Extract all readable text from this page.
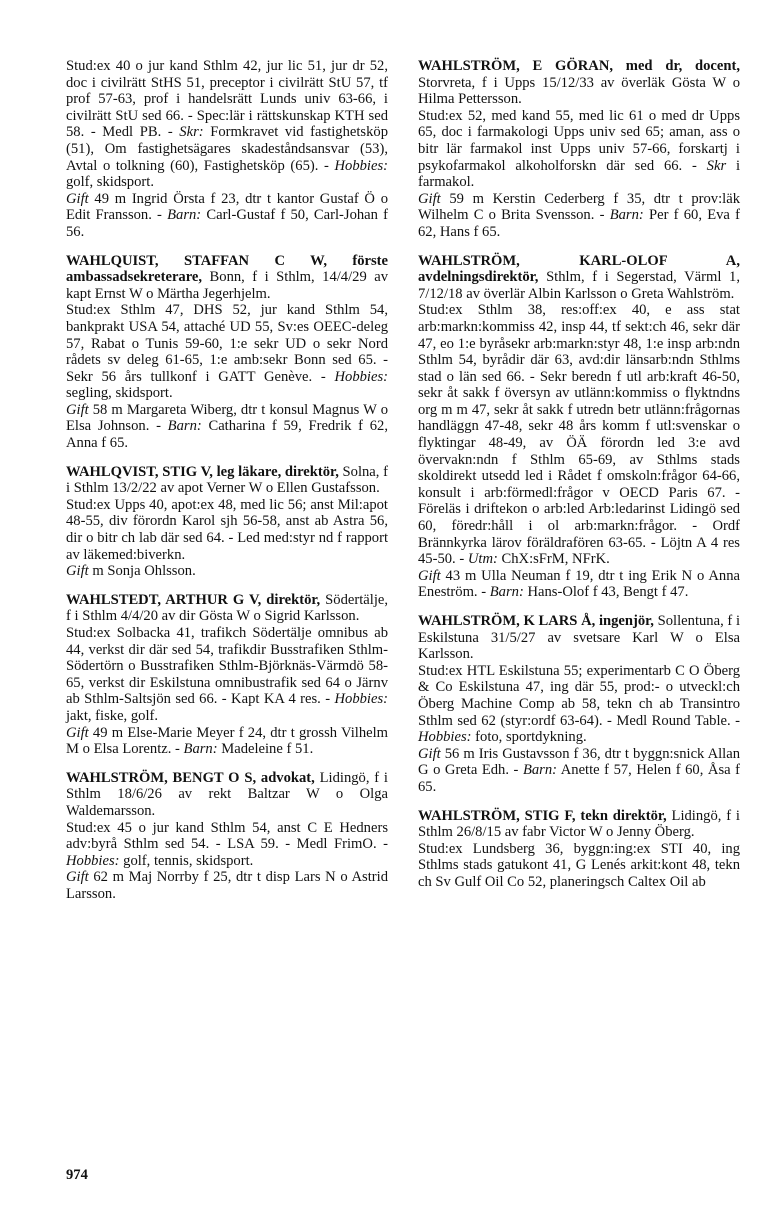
Stud:ex 40 o jur kand Sthlm 42, jur lic 51, jur dr 52, doc i civilrätt StHS 51, preceptor i civilrätt StU 57, tf prof 57-63, prof i handelsrätt Lunds univ 63-66, i civilrätt StU sed 66. - Spec:lär i rättskunskap KTH sed 58. - Medl PB. - Skr: Formkravet vid fastighetsköp (51), Om fastighetsägares skadeståndsansvar (53), Avtal o tolkning (60), Fastighetsköp (65). - Hobbies: golf, skidsport.

Gift 49 m Ingrid Örsta f 23, dtr t kantor Gustaf Ö o Edit Fransson. - Barn: Carl-Gustaf f 50, Carl-Johan f 56.

WAHLQUIST, STAFFAN C W, förste ambassadsekreterare, Bonn, f i Sthlm, 14/4/29 av kapt Ernst W o Märtha Jegerhjelm.
Stud:ex Sthlm 47, DHS 52, jur kand Sthlm 54, bankprakt USA 54, attaché UD 55, Sv:es OEEC-deleg 57, Rabat o Tunis 59-60, 1:e sekr UD o sekr Nord rådets sv deleg 61-65, 1:e amb:sekr Bonn sed 65. - Sekr 56 års tullkonf i GATT Genève. - Hobbies: segling, skidsport.

Gift 58 m Margareta Wiberg, dtr t konsul Magnus W o Elsa Johnson. - Barn: Catharina f 59, Fredrik f 62, Anna f 65.

WAHLQVIST, STIG V, leg läkare, direktör, Solna, f i Sthlm 13/2/22 av apot Verner W o Ellen Gustafsson.
Stud:ex Upps 40, apot:ex 48, med lic 56; anst Mil:apot 48-55, div förordn Karol sjh 56-58, anst ab Astra 56, dir o bitr ch lab där sed 64. - Led med:styr nd f rapport av läkemed:biverkn.

Gift m Sonja Ohlsson.

WAHLSTEDT, ARTHUR G V, direktör, Södertälje, f i Sthlm 4/4/20 av dir Gösta W o Sigrid Karlsson.
Stud:ex Solbacka 41, trafikch Södertälje omnibus ab 44, verkst dir där sed 54, trafikdir Busstrafiken Sthlm-Södertörn o Busstrafiken Sthlm-Björknäs-Värmdö 58-65, verkst dir Eskilstuna omnibustrafik sed 64 o Järnv ab Sthlm-Saltsjön sed 66. - Kapt KA 4 res. - Hobbies: jakt, fiske, golf.

Gift 49 m Else-Marie Meyer f 24, dtr t grossh Vilhelm M o Elsa Lorentz. - Barn: Madeleine f 51.

WAHLSTRÖM, BENGT O S, advokat, Lidingö, f i Sthlm 18/6/26 av rekt Baltzar W o Olga Waldemarsson.
Stud:ex 45 o jur kand Sthlm 54, anst C E Hedners adv:byrå Sthlm sed 54. - LSA 59. - Medl FrimO. - Hobbies: golf, tennis, skidsport.

Gift 62 m Maj Norrby f 25, dtr t disp Lars N o Astrid Larsson.

WAHLSTRÖM, E GÖRAN, med dr, docent, Storvreta, f i Upps 15/12/33 av överläk Gösta W o Hilma Pettersson.
Stud:ex 52, med kand 55, med lic 61 o med dr Upps 65, doc i farmakologi Upps univ sed 65; aman, ass o bitr lär farmakol inst Upps univ 57-66, forskartj i psykofarmakol alkoholforskn där sed 66. - Skr i farmakol.

Gift 59 m Kerstin Cederberg f 35, dtr t prov:läk Wilhelm C o Brita Svensson. - Barn: Per f 60, Eva f 62, Hans f 65.

WAHLSTRÖM, KARL-OLOF A, avdelningsdirektör, Sthlm, f i Segerstad, Värml 1, 7/12/18 av överlär Albin Karlsson o Greta Wahlström.
Stud:ex Sthlm 38, res:off:ex 40, e ass stat arb:markn:kommiss 42, insp 44, tf sekt:ch 46, sekr där 47, eo 1:e byråsekr arb:markn:styr 48, 1:e insp arb:ndn Sthlm 54, byrådir där 63, avd:dir länsarb:ndn Sthlms stad o län sed 66. - Sekr beredn f utl arb:kraft 46-50, sekr åt sakk f översyn av utlänn:kommiss o flyktndns org m m 47, sekr åt sakk f utredn betr utlänn:frågornas handläggn 47-48, sekr 48 års komm f utl:svenskar o flyktingar 48-49, av ÖÄ förordn led 3:e avd övervakn:ndn f Sthlm 65-69, av Sthlms stads skoldirekt utsedd led i Rådet f omskoln:frågor 64-66, konsult i arb:förmedl:frågor v OECD Paris 67. - Föreläs i driftekon o arb:led Arb:ledarinst Lidingö sed 60, föredr:håll i ol arb:markn:frågor. - Ordf Brännkyrka lärov föräldrafören 63-65. - Löjtn A 4 res 45-50. - Utm: ChX:sFrM, NFrK.

Gift 43 m Ulla Neuman f 19, dtr t ing Erik N o Anna Eneström. - Barn: Hans-Olof f 43, Bengt f 47.

WAHLSTRÖM, K LARS Å, ingenjör, Sollentuna, f i Eskilstuna 31/5/27 av svetsare Karl W o Elsa Karlsson.
Stud:ex HTL Eskilstuna 55; experimentarb C O Öberg & Co Eskilstuna 47, ing där 55, prod:- o utveckl:ch Öberg Machine Comp ab 58, tekn ch ab Transintro Sthlm sed 62 (styr:ordf 63-64). - Medl Round Table. - Hobbies: foto, sportdykning.

Gift 56 m Iris Gustavsson f 36, dtr t byggn:snick Allan G o Greta Edh. - Barn: Anette f 57, Helen f 60, Åsa f 65.

WAHLSTRÖM, STIG F, tekn direktör, Lidingö, f i Sthlm 26/8/15 av fabr Victor W o Jenny Öberg.
Stud:ex Lundsberg 36, byggn:ing:ex STI 40, ing Sthlms stads gatukont 41, G Lenés arkit:kont 48, tekn ch Sv Gulf Oil Co 52, planeringsch Caltex Oil ab

974
